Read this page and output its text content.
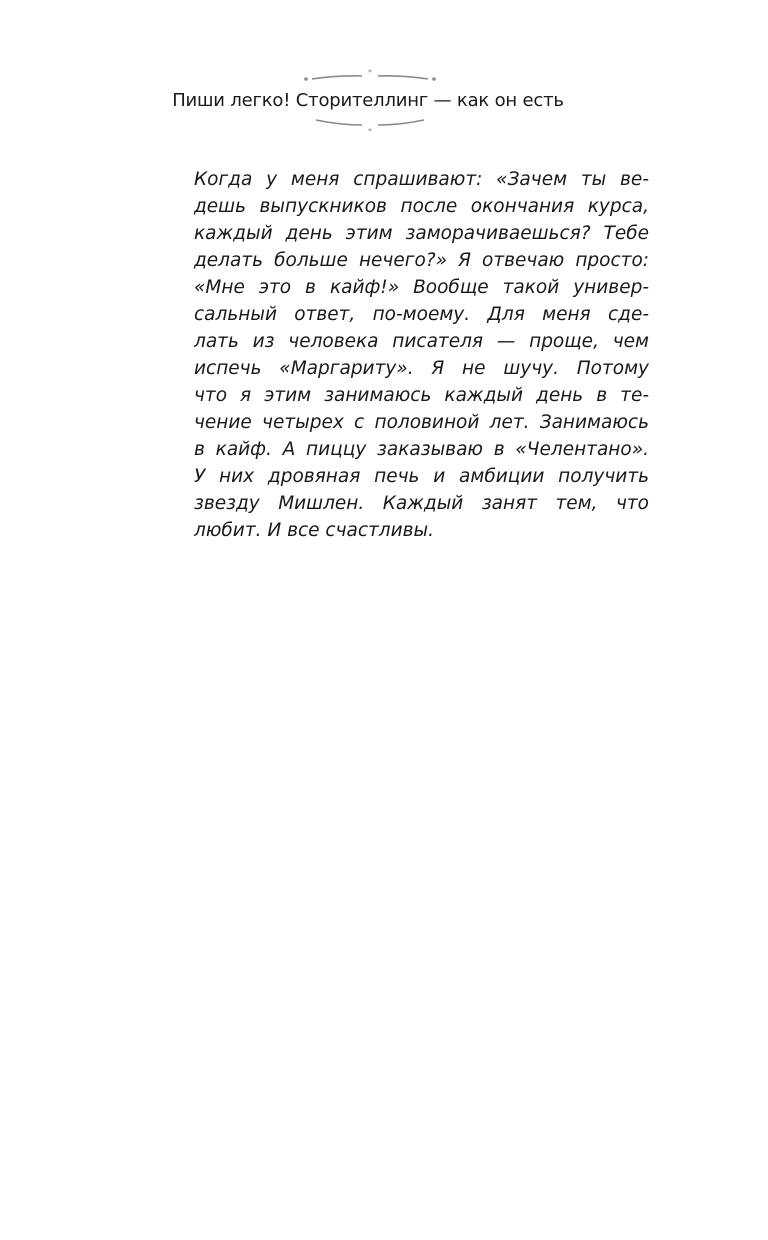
*
Пиши легко! Сторителлинг — как он есть
*
Когда у меня спрашивают: «Зачем ты ве-
дешь выпускников после окончания курса,
каждый день этим заморачиваешься? Тебе
делать больше нечего?» Я отвечаю просто:
«Мне это в кайф!» Вообще такой универ-
сальный ответ, по-моему. Для меня сде-
лать из человека писателя — проще, чем
испечь «Маргариту». Я не шучу. Потому
что я этим занимаюсь каждый день в те-
чение четырех с половиной лет. Занимаюсь
в кайф. А пиццу заказываю в «Челентано».
У них дровяная печь и амбиции получить
звезду Мишлен. Каждый занят тем, что
любит. И все счастливы.
